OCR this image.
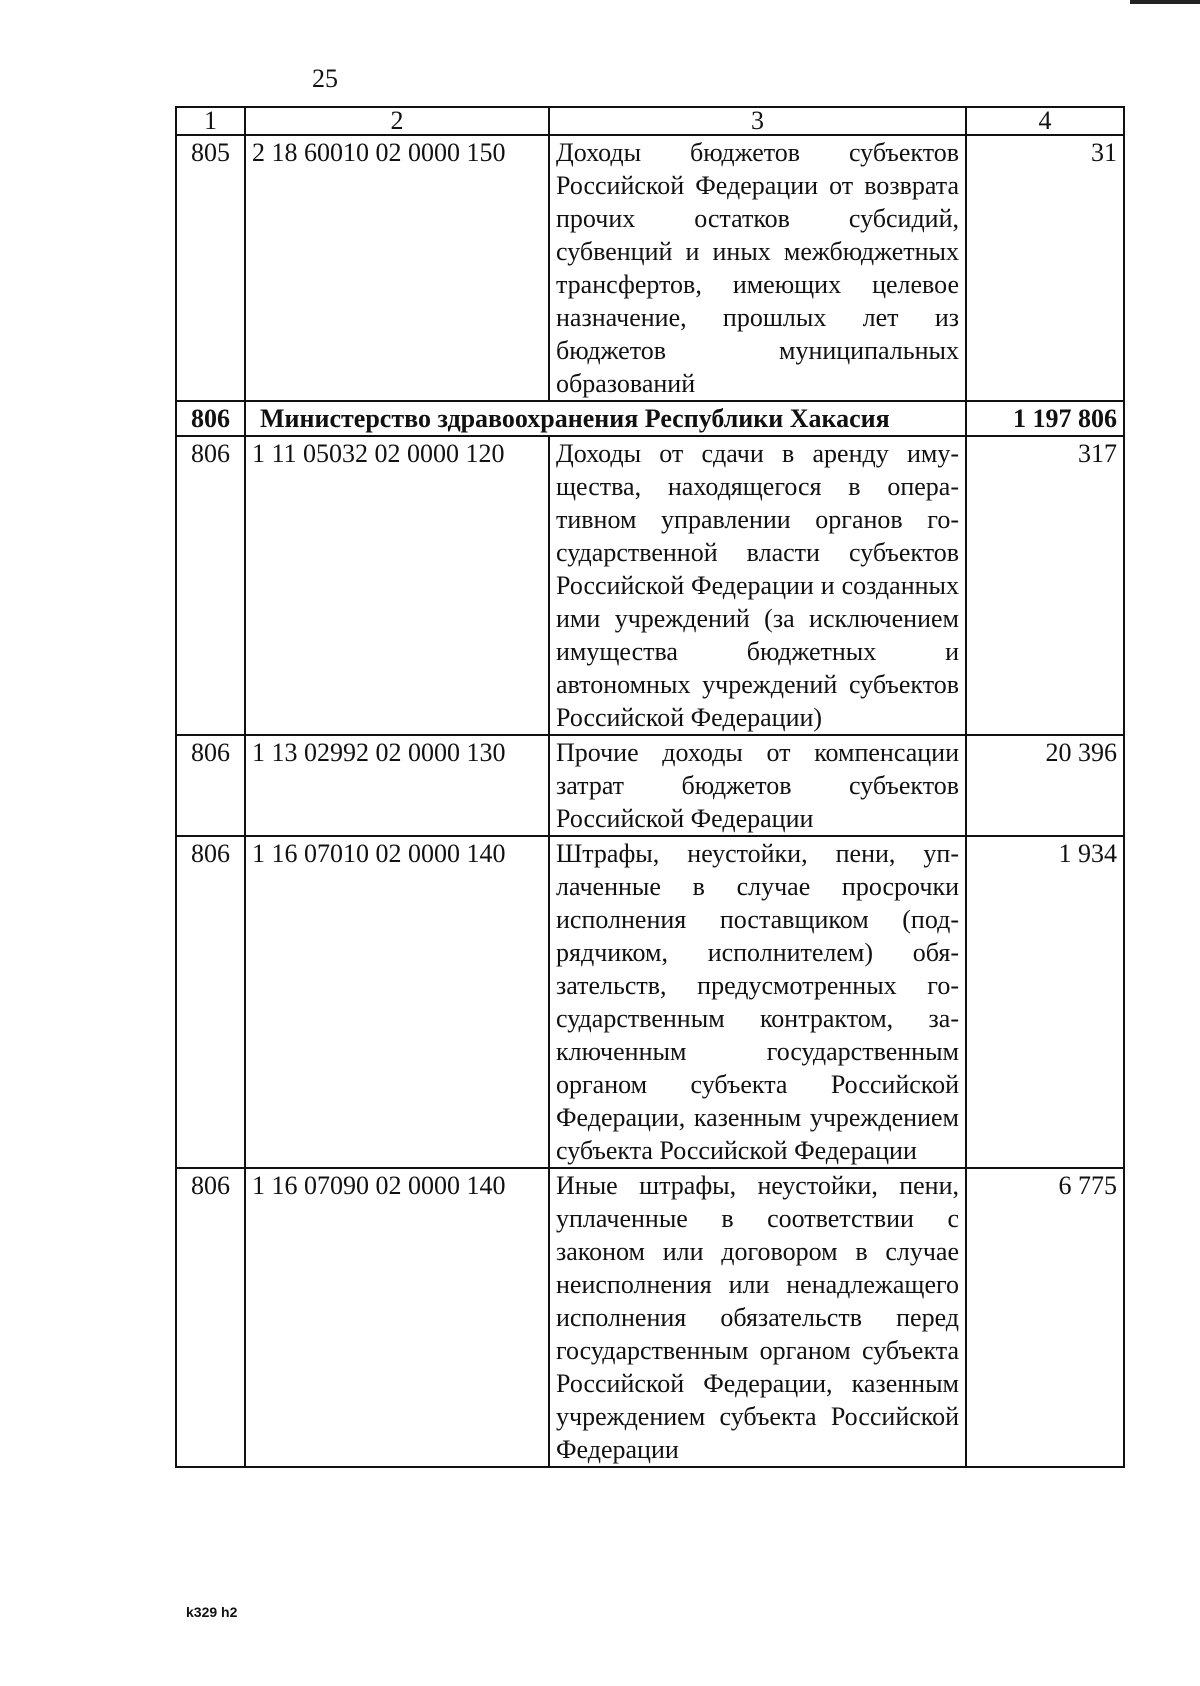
25
1	2	3	4
805	2 18 60010 02 0000 150	Доходы бюджетов субъектов Российской Федерации от возврата прочих остатков субсидий, субвенций и иных межбюджетных трансфертов, имеющих целевое назначение, прошлых лет из бюджетов муниципальных образований	31
806	Министерство здравоохранения Республики Хакасия		1 197 806
806	1 11 05032 02 0000 120	Доходы от сдачи в аренду имущества, находящегося в оперативном управлении органов государственной власти субъектов Российской Федерации и созданных ими учреждений (за исключением имущества бюджетных и автономных учреждений субъектов Российской Федерации)	317
806	1 13 02992 02 0000 130	Прочие доходы от компенсации затрат бюджетов субъектов Российской Федерации	20 396
806	1 16 07010 02 0000 140	Штрафы, неустойки, пени, уплаченные в случае просрочки исполнения поставщиком (подрядчиком, исполнителем) обязательств, предусмотренных государственным контрактом, заключенным государственным органом субъекта Российской Федерации, казенным учреждением субъекта Российской Федерации	1 934
806	1 16 07090 02 0000 140	Иные штрафы, неустойки, пени, уплаченные в соответствии с законом или договором в случае неисполнения или ненадлежащего исполнения обязательств перед государственным органом субъекта Российской Федерации, казенным учреждением субъекта Российской Федерации	6 775
k329 h2
